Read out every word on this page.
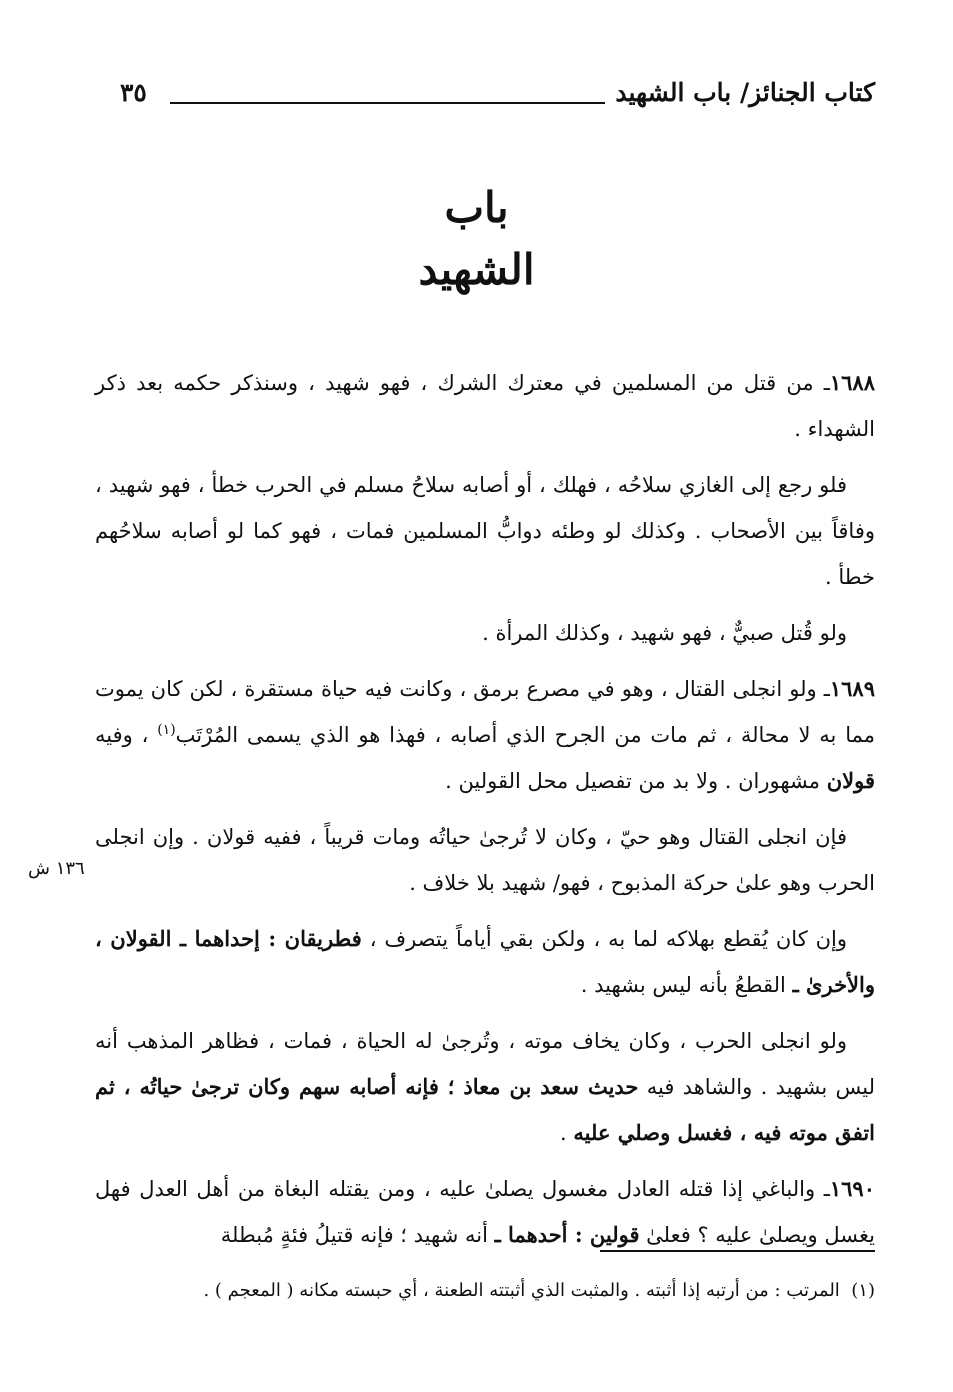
كتاب الجنائز/ باب الشهيد
٣٥
باب
الشهيد

١٦٨٨ـ من قتل من المسلمين في معترك الشرك ، فهو شهيد ، وسنذكر حكمه بعد ذكر الشهداء .

فلو رجع إلى الغازي سلاحُه ، فهلك ، أو أصابه سلاحُ مسلم في الحرب خطأ ، فهو شهيد ، وفاقاً بين الأصحاب . وكذلك لو وطئه دوابُّ المسلمين فمات ، فهو كما لو أصابه سلاحُهم خطأ .

ولو قُتل صبيٌّ ، فهو شهيد ، وكذلك المرأة .

١٦٨٩ـ ولو انجلى القتال ، وهو في مصرع برمق ، وكانت فيه حياة مستقرة ، لكن كان يموت مما به لا محالة ، ثم مات من الجرح الذي أصابه ، فهذا هو الذي يسمى المُرْتَب$^{(١)}$ ، وفيه قولان مشهوران . ولا بد من تفصيل محل القولين .

فإن انجلى القتال وهو حيّ ، وكان لا تُرجىٰ حياتُه ومات قريباً ، ففيه قولان . وإن انجلى الحرب وهو علىٰ حركة المذبوح ، فهو/ شهيد بلا خلاف .

وإن كان يُقطع بهلاكه لما به ، ولكن بقي أياماً يتصرف ، فطريقان : إحداهما ـ القولان ، والأخرىٰ ـ القطعُ بأنه ليس بشهيد .

ولو انجلى الحرب ، وكان يخاف موته ، وتُرجىٰ له الحياة ، فمات ، فظاهر المذهب أنه ليس بشهيد . والشاهد فيه حديث سعد بن معاذ ؛ فإنه أصابه سهم وكان ترجىٰ حياتُه ، ثم اتفق موته فيه ، فغسل وصلي عليه .

١٦٩٠ـ والباغي إذا قتله العادل مغسول يصلىٰ عليه ، ومن يقتله البغاة من أهل العدل فهل يغسل ويصلىٰ عليه ؟ فعلىٰ قولين : أحدهما ـ أنه شهيد ؛ فإنه قتيلُ فئةٍ مُبطلة

١٣٦ ش
(١)  المرتب : من أرتبه إذا أثبته . والمثبت الذي أثبتته الطعنة ، أي حبسته مكانه ( المعجم ) .
